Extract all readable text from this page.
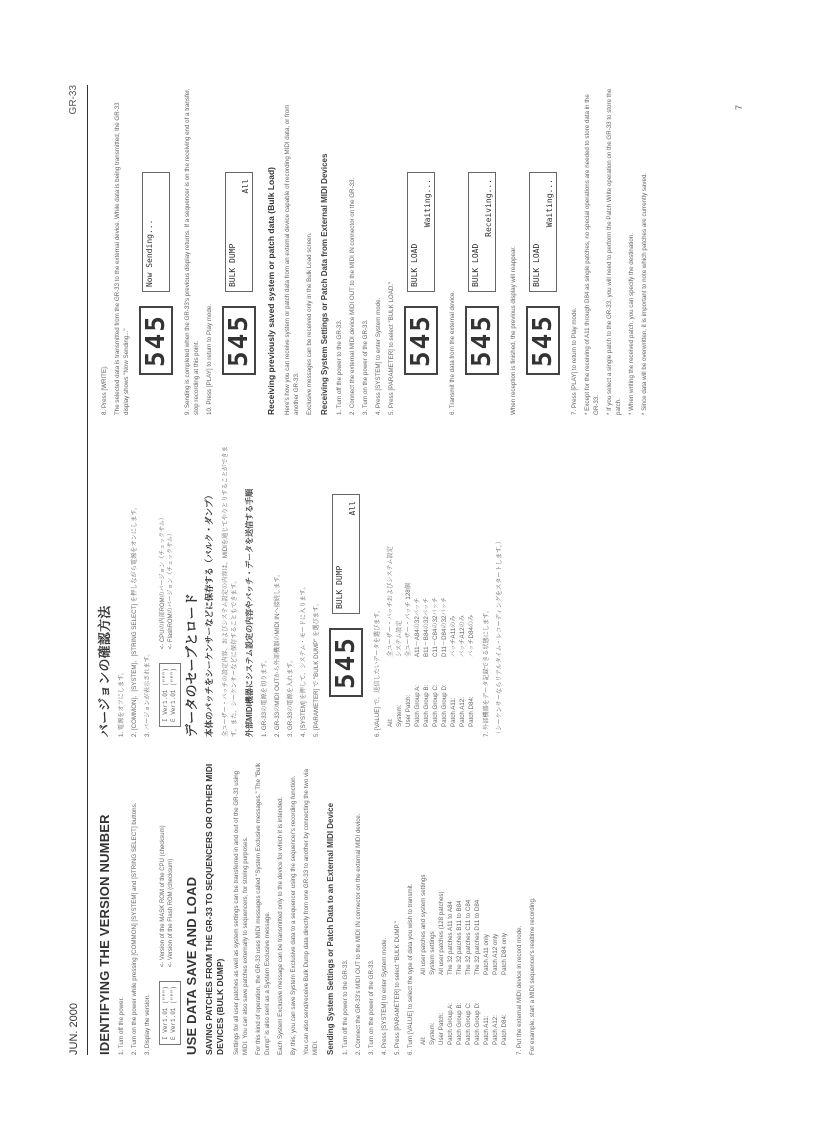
JUN. 2000
GR-33
IDENTIFYING THE VERSION NUMBER 1. Turn off the power. 2. Turn on the power while pressing [COMMON] [SYSTEM] and [STRING SELECT] buttons. 3. Display the version.	I Ver1.01 (""")
E Ver1.01 (""") <- Version of the MASK ROM of the CPU (checksum) <- Version of the Flash ROM (checksum) USE DATA SAVE AND LOAD SAVING PATCHES FROM THE GR-33 TO SEQUENCERS OR OTHER MIDI DEVICES (BULK DUMP) Settings for all user patches as well as system settings can be transferred in and out of the GR-33 using MIDI. You can also save patches externally to sequencers, for storing purposes. For this kind of operation, the GR-33 uses MIDI messages called "System Exclusive messages." The "Bulk Dump" is also sent as a System Exclusive message. Each System Exclusive message can be transmitted only to the device for which it is intended. By this, you can save System Exclusive data to a sequencer using the sequencer's recording function. You can also send/receive Bulk Dump data directly from one GR-33 to another by connecting the two via MIDI. Sending System Settings or Patch Data to an External MIDI Device 1. Turn off the power to the GR-33. 2. Connect the GR-33's MIDI OUT to the MIDI IN connector on the external MIDI device. 3. Turn on the power of the GR-33. 4. Press [SYSTEM] to enter System mode. 5. Press [PARAMETER] to select "BULK DUMP." 6. Turn [VALUE] to select the type of data you wish to transmit. All:
All user patches and system settings
System:
System settings
User Patch:
All user patches (128 patches)
Patch Group A:
The 32 patches A11 to A84
Patch Group B:
The 32 patches B11 to B84
Patch Group C:
The 32 patches C11 to C84
Patch Group D:
The 32 patches D11 to D84
Patch A11:
Patch A11 only
Patch A12:
Patch A12 only
Patch D84:
Patch D84 only 7. Put the external MIDI device in record mode. For example, start a MIDI sequencer's realtime recording.

バージョンの確認方法 1. 電源をオフにします。 2. [COMMON]、[SYSTEM]、[STRING SELECT] を押しながら電源をオンにします。 3. バージョンが表示されます。	I Ver1.01 (""")
E Ver1.01 (""") <- CPUの内部ROMのバージョン（チェックサム） <- FlashROMのバージョン（チェックサム）
データのセーブとロード 本体のパッチをシーケンサーなどに保存する（バルク・ダンプ） 全ユーザー・パッチの設定内容、およびシステム設定の内容は、MIDIを通じてやりとりすることができます。また、シーケンサーなどに保存することもできます。 外部MIDI機器にシステム設定の内容やパッチ・データを送信する手順 1. GR-33の電源を切ります。 2. GR-33のMIDI OUTから外部機器のMIDI INへ接続します。 3. GR-33の電源を入れます。 4. [SYSTEM] を押して、システム・モードに入ります。 5. [PARAMETER] で "BULK DUMP" を選びます。 545
BULK DUMP
All

6. [VALUE] で、送信したいデータを選びます。 All:
全ユーザー・パッチおよびシステム設定
System:
システム設定
User Patch:
全ユーザー・パッチ 128個
Patch Group A:
A11〜A84の32パッチ
Patch Group B:
B11〜B84の32パッチ
Patch Group C:
C11〜C84の32パッチ
Patch Group D:
D11〜D84の32パッチ
Patch A11:
パッチA11のみ
Patch A12:
パッチA12のみ
Patch D84:
パッチD84のみ 7. 外部機器をデータ記録できる状態にします。 （シーケンサーならリアルタイム・レコーディングをスタートします。）

8. Press [WRITE]. The selected data is transmitted from the GR-33 to the external device. While data is being transmitted, the GR-33 display shows "Now Sending..." 545
Now Sending...	9. Sending is completed when the GR-33's previous display returns. If a sequencer is on the receiving end of a transfer, stop recording at this point. 10. Press [PLAY] to return to Play mode. 545
BULK DUMP
All Receiving previously saved system or patch data (Bulk Load) Here's how you can receive system or patch data from an external device capable of recording MIDI data, or from another GR-33. Exclusive messages can be received only in the Bulk Load screen. Receiving System Settings or Patch Data from External MIDI Devices 1. Turn off the power to the GR-33. 2. Connect the external MIDI device MIDI OUT to the MIDI IN connector on the GR-33. 3. Turn on the power of the GR-33. 4. Press [SYSTEM] to enter System mode. 5. Press [PARAMETER] to select "BULK LOAD." 545
BULK LOAD
Waiting...

6. Transmit the data from the external device. 545
BULK LOAD
Receiving...

When reception is finished, the previous display will reappear. 545
BULK LOAD
Waiting...

7. Press [PLAY] to return to Play mode. * Except for the receiving of A11 through D84 as single patches, no special operations are needed to store data in the GR-33. * If you select a single patch to the GR-33, you will need to perform the Patch Write operation on the GR-33 to store the patch. * When writing the received patch, you can specify the destination. * Since data will be overwritten, it is important to note which patches are currently saved.

7
